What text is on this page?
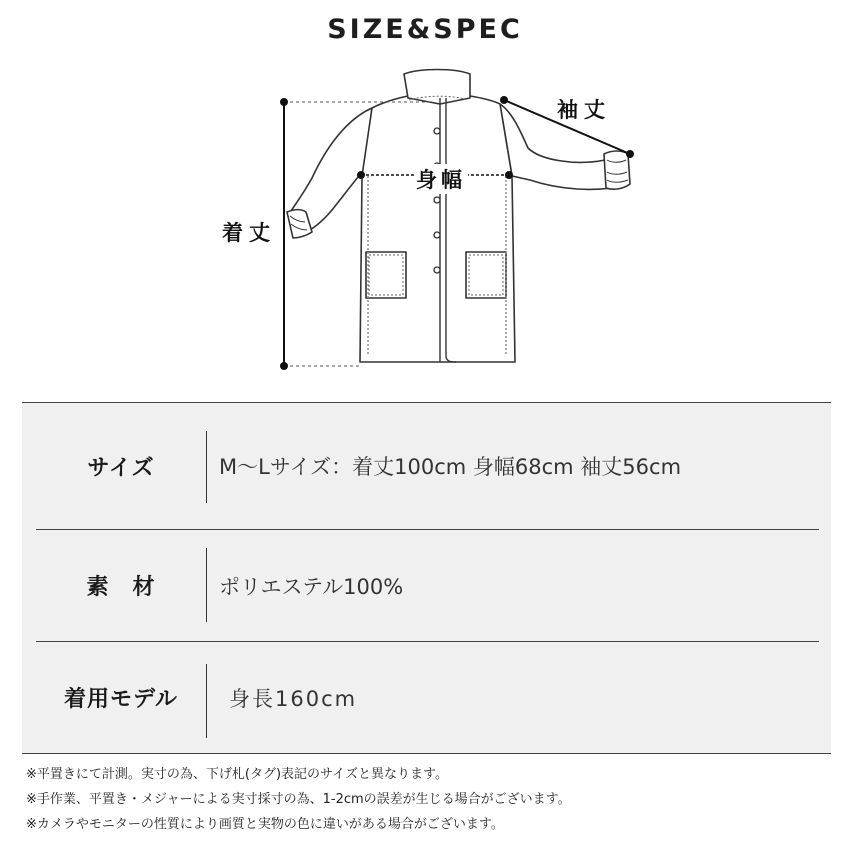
SIZE&SPEC
着丈
身幅
袖丈
サイズ	M〜Lサイズ：着丈100cm 身幅68cm 袖丈56cm
素　材	ポリエステル100%
着用モデル	身長160cm
※平置きにて計測。実寸の為、下げ札(タグ)表記のサイズと異なります。
※手作業、平置き・メジャーによる実寸採寸の為、1-2cmの誤差が生じる場合がございます。
※カメラやモニターの性質により画質と実物の色に違いがある場合がございます。
